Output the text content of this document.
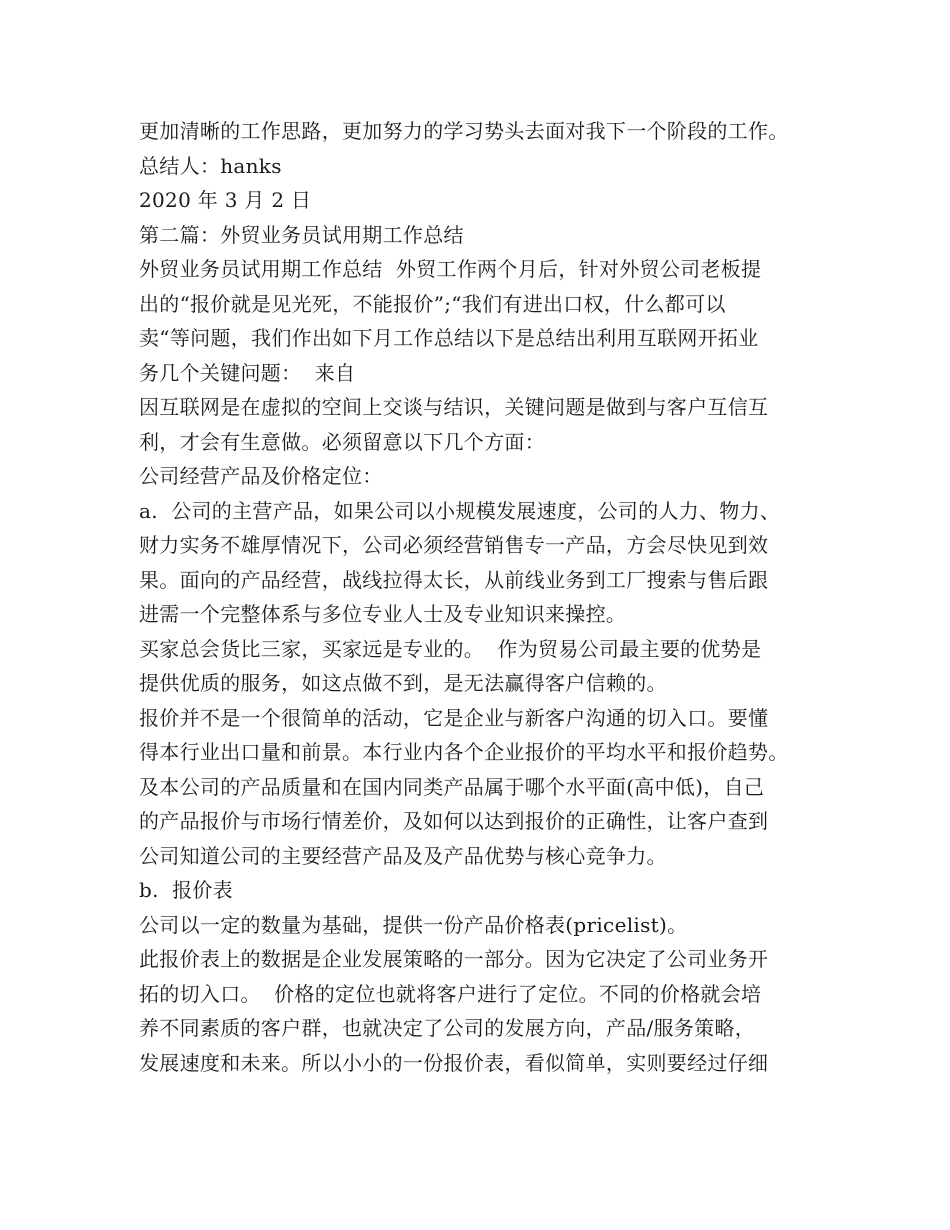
更加清晰的工作思路，更加努力的学习势头去面对我下一个阶段的工作。
总结人：hanks
2020 年 3 月 2 日
第二篇：外贸业务员试用期工作总结
外贸业务员试用期工作总结  外贸工作两个月后，针对外贸公司老板提
出的“报价就是见光死，不能报价”;“我们有进出口权，什么都可以
卖“等问题，我们作出如下月工作总结以下是总结出利用互联网开拓业
务几个关键问题：  来自
因互联网是在虚拟的空间上交谈与结识，关键问题是做到与客户互信互
利，才会有生意做。必须留意以下几个方面：
公司经营产品及价格定位：
a.  公司的主营产品，如果公司以小规模发展速度，公司的人力、物力、
财力实务不雄厚情况下，公司必须经营销售专一产品，方会尽快见到效
果。面向的产品经营，战线拉得太长，从前线业务到工厂搜索与售后跟
进需一个完整体系与多位专业人士及专业知识来操控。
买家总会货比三家，买家远是专业的。  作为贸易公司最主要的优势是
提供优质的服务，如这点做不到，是无法赢得客户信赖的。
报价并不是一个很简单的活动，它是企业与新客户沟通的切入口。要懂
得本行业出口量和前景。本行业内各个企业报价的平均水平和报价趋势。
及本公司的产品质量和在国内同类产品属于哪个水平面(高中低)，自己
的产品报价与市场行情差价，及如何以达到报价的正确性，让客户查到
公司知道公司的主要经营产品及及产品优势与核心竞争力。
b.  报价表
公司以一定的数量为基础，提供一份产品价格表(pricelist)。
此报价表上的数据是企业发展策略的一部分。因为它决定了公司业务开
拓的切入口。  价格的定位也就将客户进行了定位。不同的价格就会培
养不同素质的客户群，也就决定了公司的发展方向，产品/服务策略，
发展速度和未来。所以小小的一份报价表，看似简单，实则要经过仔细
